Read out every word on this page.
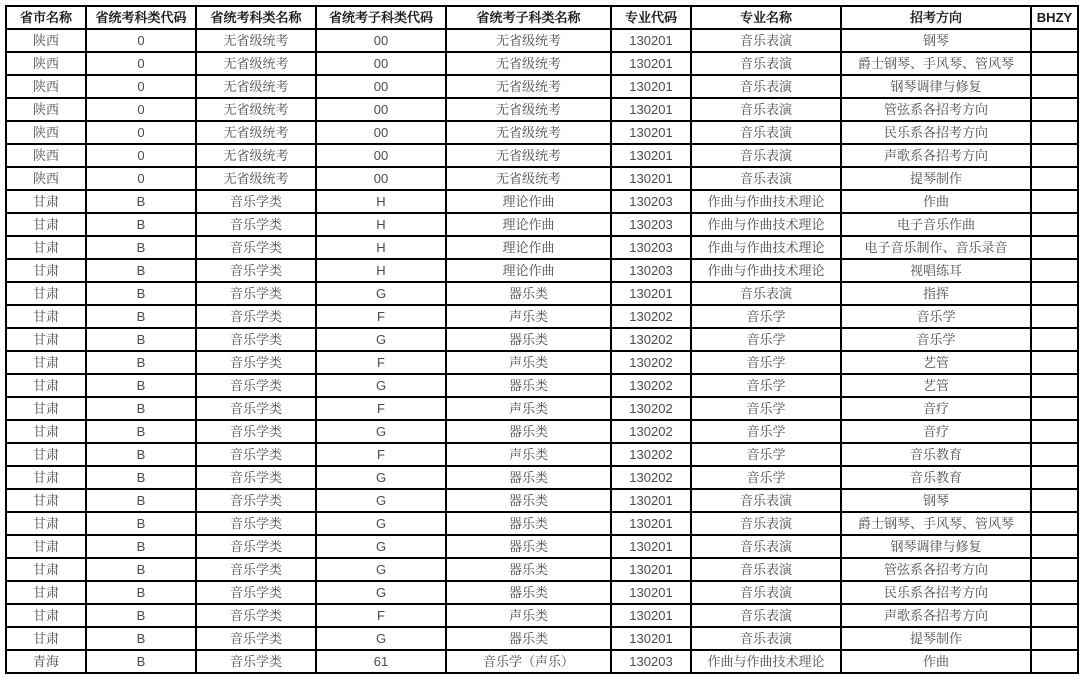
省市名称	省统考科类代码	省统考科类名称	省统考子科类代码	省统考子科类名称	专业代码	专业名称	招考方向	BHZY
陕西	0	无省级统考	00	无省级统考	130201	音乐表演	钢琴	
陕西	0	无省级统考	00	无省级统考	130201	音乐表演	爵士钢琴、手风琴、管风琴	
陕西	0	无省级统考	00	无省级统考	130201	音乐表演	钢琴调律与修复	
陕西	0	无省级统考	00	无省级统考	130201	音乐表演	管弦系各招考方向	
陕西	0	无省级统考	00	无省级统考	130201	音乐表演	民乐系各招考方向	
陕西	0	无省级统考	00	无省级统考	130201	音乐表演	声歌系各招考方向	
陕西	0	无省级统考	00	无省级统考	130201	音乐表演	提琴制作	
甘肃	B	音乐学类	H	理论作曲	130203	作曲与作曲技术理论	作曲	
甘肃	B	音乐学类	H	理论作曲	130203	作曲与作曲技术理论	电子音乐作曲	
甘肃	B	音乐学类	H	理论作曲	130203	作曲与作曲技术理论	电子音乐制作、音乐录音	
甘肃	B	音乐学类	H	理论作曲	130203	作曲与作曲技术理论	视唱练耳	
甘肃	B	音乐学类	G	器乐类	130201	音乐表演	指挥	
甘肃	B	音乐学类	F	声乐类	130202	音乐学	音乐学	
甘肃	B	音乐学类	G	器乐类	130202	音乐学	音乐学	
甘肃	B	音乐学类	F	声乐类	130202	音乐学	艺管	
甘肃	B	音乐学类	G	器乐类	130202	音乐学	艺管	
甘肃	B	音乐学类	F	声乐类	130202	音乐学	音疗	
甘肃	B	音乐学类	G	器乐类	130202	音乐学	音疗	
甘肃	B	音乐学类	F	声乐类	130202	音乐学	音乐教育	
甘肃	B	音乐学类	G	器乐类	130202	音乐学	音乐教育	
甘肃	B	音乐学类	G	器乐类	130201	音乐表演	钢琴	
甘肃	B	音乐学类	G	器乐类	130201	音乐表演	爵士钢琴、手风琴、管风琴	
甘肃	B	音乐学类	G	器乐类	130201	音乐表演	钢琴调律与修复	
甘肃	B	音乐学类	G	器乐类	130201	音乐表演	管弦系各招考方向	
甘肃	B	音乐学类	G	器乐类	130201	音乐表演	民乐系各招考方向	
甘肃	B	音乐学类	F	声乐类	130201	音乐表演	声歌系各招考方向	
甘肃	B	音乐学类	G	器乐类	130201	音乐表演	提琴制作	
青海	B	音乐学类	61	音乐学（声乐）	130203	作曲与作曲技术理论	作曲	
